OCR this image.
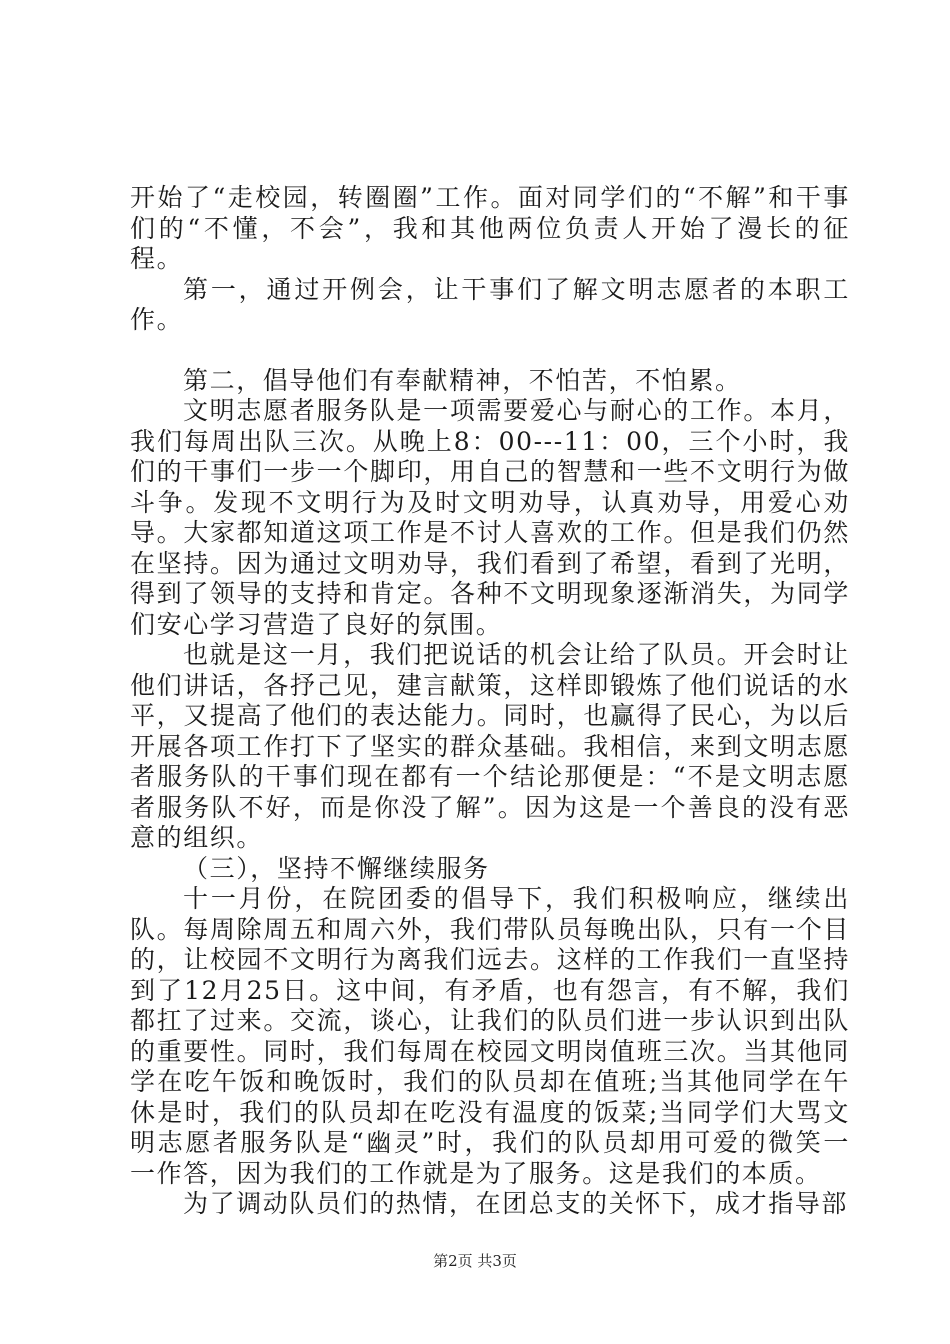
开始了“走校园，转圈圈”工作。面对同学们的“不解”和干事们的“不懂，不会”，我和其他两位负责人开始了漫长的征程。

第一，通过开例会，让干事们了解文明志愿者的本职工作。

第二，倡导他们有奉献精神，不怕苦，不怕累。

文明志愿者服务队是一项需要爱心与耐心的工作。本月，我们每周出队三次。从晚上8：00---11：00，三个小时，我们的干事们一步一个脚印，用自己的智慧和一些不文明行为做斗争。发现不文明行为及时文明劝导，认真劝导，用爱心劝导。大家都知道这项工作是不讨人喜欢的工作。但是我们仍然在坚持。因为通过文明劝导，我们看到了希望，看到了光明，得到了领导的支持和肯定。各种不文明现象逐渐消失，为同学们安心学习营造了良好的氛围。

也就是这一月，我们把说话的机会让给了队员。开会时让他们讲话，各抒己见，建言献策，这样即锻炼了他们说话的水平，又提高了他们的表达能力。同时，也赢得了民心，为以后开展各项工作打下了坚实的群众基础。我相信，来到文明志愿者服务队的干事们现在都有一个结论那便是：“不是文明志愿者服务队不好，而是你没了解”。因为这是一个善良的没有恶意的组织。

（三），坚持不懈继续服务

十一月份，在院团委的倡导下，我们积极响应，继续出队。每周除周五和周六外，我们带队员每晚出队，只有一个目的，让校园不文明行为离我们远去。这样的工作我们一直坚持到了12月25日。这中间，有矛盾，也有怨言，有不解，我们都扛了过来。交流，谈心，让我们的队员们进一步认识到出队的重要性。同时，我们每周在校园文明岗值班三次。当其他同学在吃午饭和晚饭时，我们的队员却在值班;当其他同学在午休是时，我们的队员却在吃没有温度的饭菜;当同学们大骂文明志愿者服务队是“幽灵”时，我们的队员却用可爱的微笑一一作答，因为我们的工作就是为了服务。这是我们的本质。

为了调动队员们的热情，在团总支的关怀下，成才指导部

第2页 共3页
